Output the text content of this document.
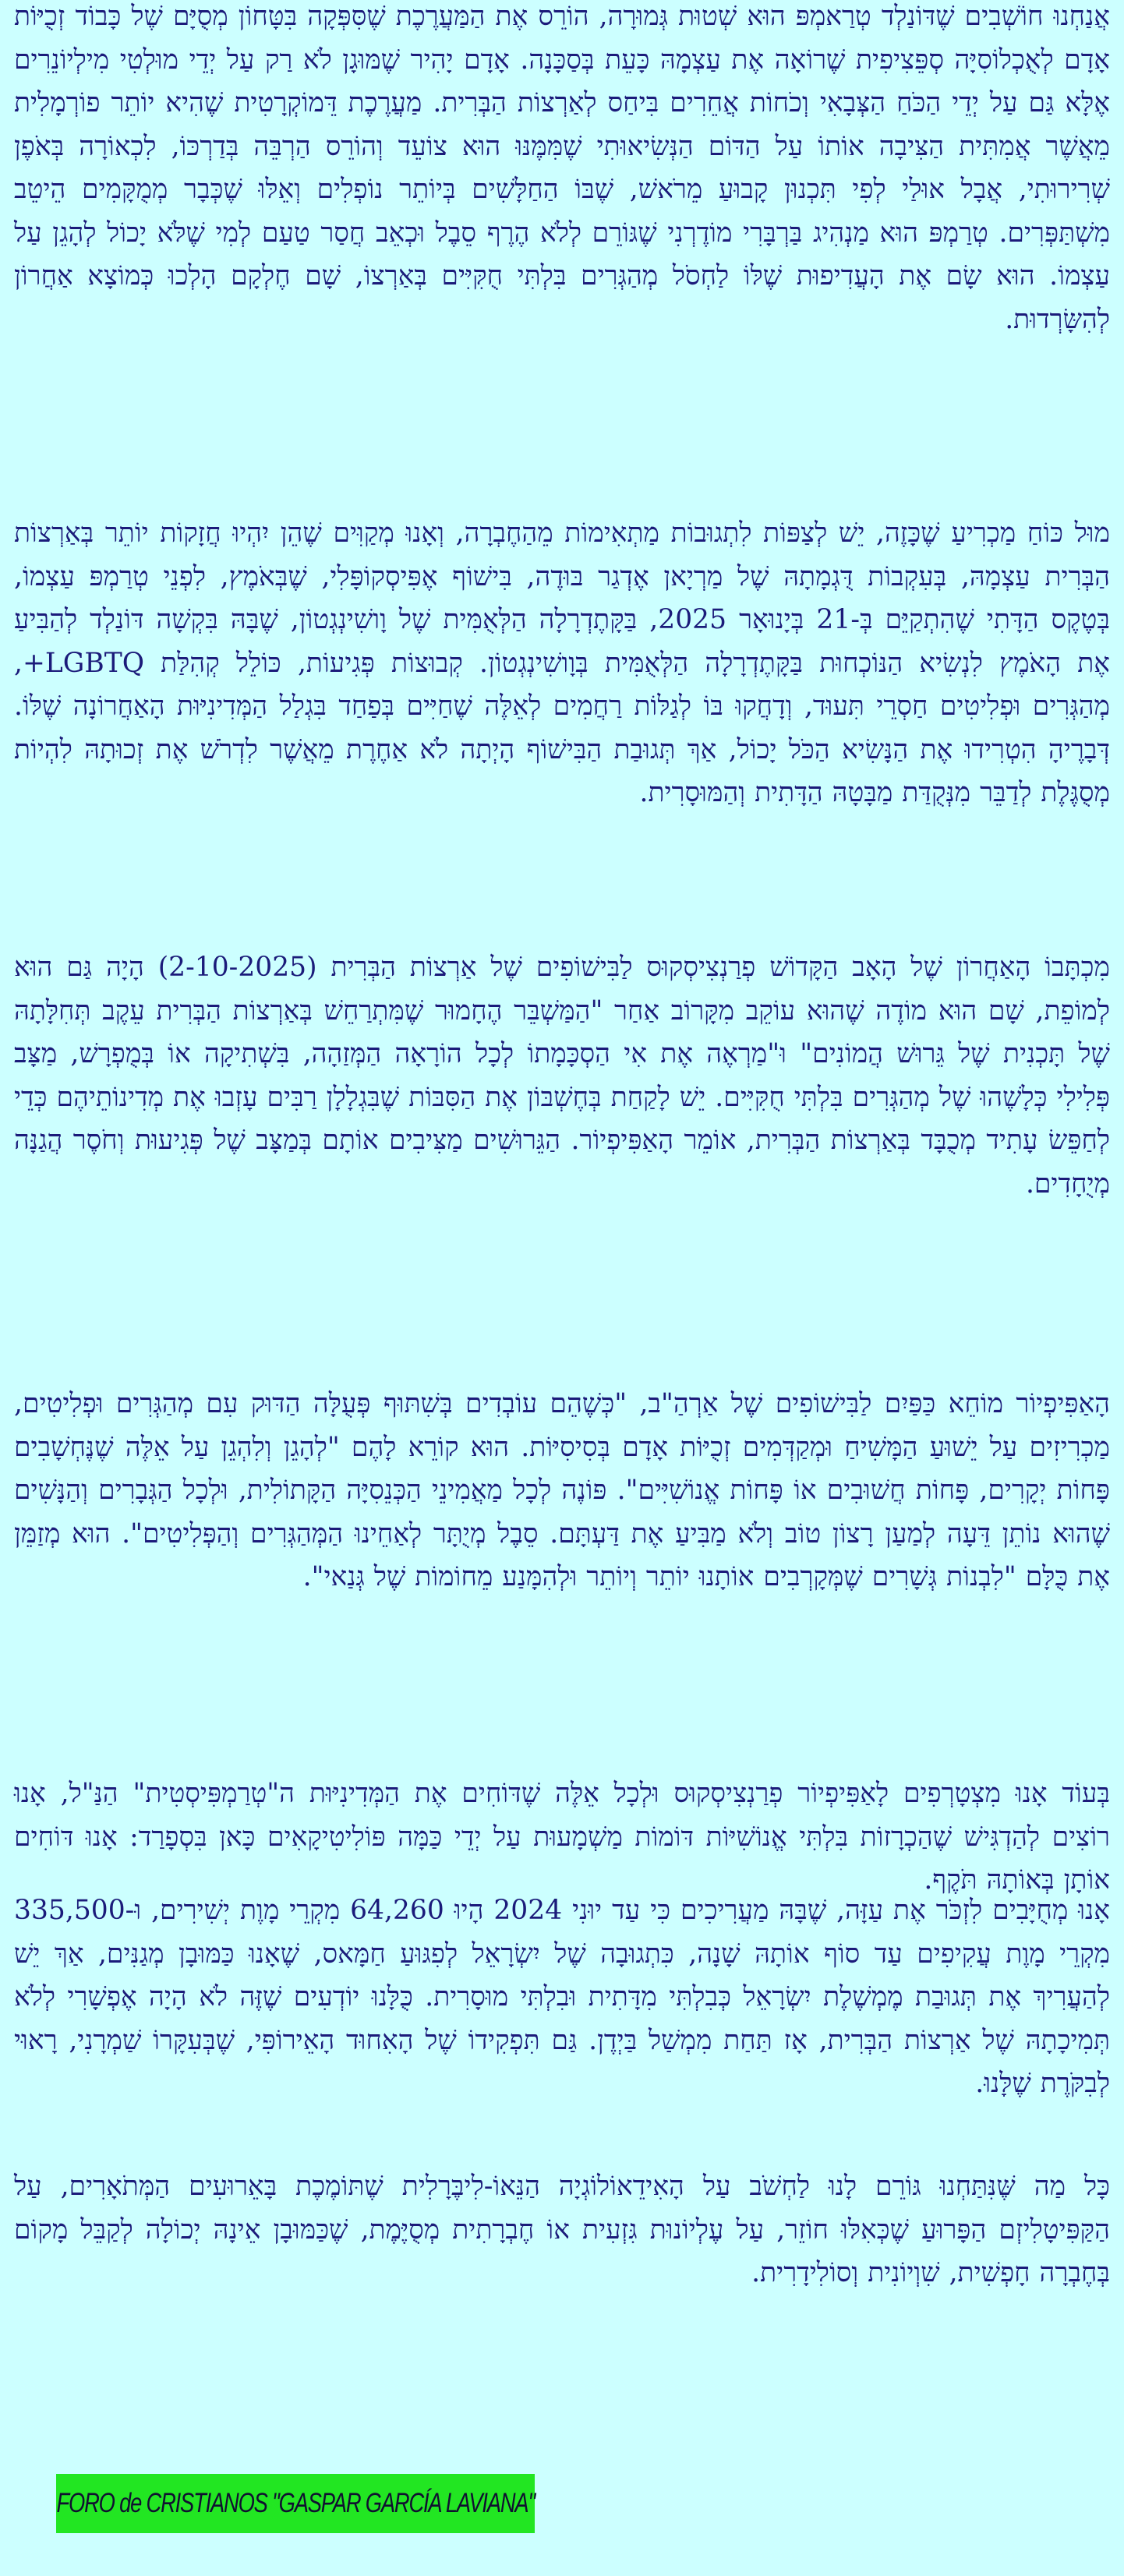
אֲנַחְנוּ חוֹשְׁבִים שֶׁדּוֹנַלְד טְרַאמְפּ הוּא שְׁטוּת גְּמוּרָה, הוֹרֵס אֶת הַמַּעֲרֶכֶת שֶׁסִּפְּקָה בִּטָּחוֹן מְסֻיָּם שֶׁל כָּבוֹד זְכֻיּוֹת אָדָם לְאֻכְלוֹסִיָּה סְפֵּצִיפִית שֶׁרוֹאָה אֶת עַצְמָהּ כָּעֵת בְּסַכָּנָה. אָדָם יָהִיר שֶׁמּוּגָן לֹא רַק עַל יְדֵי מוּלְטִי מִילְיוֹנֵרִים אֶלָּא גַּם עַל יְדֵי הַכֹּחַ הַצְּבָאִי וְכֹחוֹת אֲחֵרִים בִּיחַס לְאַרְצוֹת הַבְּרִית. מַעֲרֶכֶת דֵּמוֹקְרָטִית שֶׁהִיא יוֹתֵר פוֹרְמָלִית מֵאֲשֶׁר אֲמִתִּית הַצִּיבָה אוֹתוֹ עַל הַדּוֹם הַנְּשִׂיאוּתִי שֶׁמִּמֶּנּוּ הוּא צוֹעֵד וְהוֹרֵס הַרְבֵּה בְּדַרְכּוֹ, לִכְאוֹרָה בְּאֹפֶן שְׁרִירוּתִי, אֲבָל אוּלַי לְפִי תִּכְנוּן קָבוּעַ מֵרֹאשׁ, שֶׁבּוֹ הַחַלָּשִׁים בְּיוֹתֵר נוֹפְלִים וְאֵלּוּ שֶׁכְּבָר מְמֻקָּמִים הֵיטֵב מִשְׁתַּפְּרִים. טְרַמְפּ הוּא מַנְהִיג בַּרְבָּרִי מוֹדֶרְנִי שֶׁגּוֹרֵם לְלֹא הֶרֶף סֵבֶל וּכְאֵב חֲסַר טַעַם לְמִי שֶׁלֹּא יָכוֹל לְהָגֵן עַל עַצְמוֹ. הוּא שָׂם אֶת הָעֲדִיפוּת שֶׁלּוֹ לַחְסֹל מְהַגְּרִים בִּלְתִּי חֻקִּיִּים בְּאַרְצוֹ, שָׁם חֶלְקָם הָלְכוּ כְּמוֹצָא אַחֲרוֹן לְהִשָּׂרְדוּת.

מוּל כּוֹחַ מַכְרִיעַ שֶׁכָּזֶה, יֵשׁ לְצַפּוֹת לִתְגוּבוֹת מַתְאִימוֹת מֵהַחֶבְרָה, וְאָנוּ מְקַוִּים שֶׁהֵן יִהְיוּ חֲזָקוֹת יוֹתֵר בְּאַרְצוֹת הַבְּרִית עַצְמָהּ, בְּעִקְבוֹת דֻּגְמָתָהּ שֶׁל מַרְיָאן אֶדְגַר בּוּדֶה, בִּישׁוֹף אֶפִּיסְקוֹפָּלִי, שֶׁבְּאֹמֶץ, לִפְנֵי טְרַמְפּ עַצְמוֹ, בְּטֶקֶס הַדָּתִי שֶׁהִתְקַיֵּם בְּ-21 בְּיָנוּאָר 2025, בַּקָּתֶדְרָלָה הַלְּאֻמִּית שֶׁל וָושִׁינְגְטוֹן, שֶׁבָּהּ בִּקְשָׁה דּוֹנַלְד לְהַבִּיעַ אֶת הָאֹמֶץ לִנְשִׂיא הַנּוֹכְחוּת בַּקָּתֶדְרָלָה הַלְּאֻמִּית בְּוָושִׁינְגְטוֹן. קְבוּצוֹת פְּגִיעוֹת, כּוֹלֵל קְהִלַּת LGBTQ+, מְהַגְּרִים וּפְלִיטִים חַסְרֵי תִּעוּד, וְדָחֲקוּ בּוֹ לְגַלּוֹת רַחֲמִים לְאֵלֶּה שֶׁחַיִּים בְּפַחַד בִּגְלַל הַמְּדִינִיּוּת הָאַחֲרוֹנָה שֶׁלּוֹ. דְּבָרֶיהָ הִטְרִידוּ אֶת הַנָּשִׂיא הַכֹּל יָכוֹל, אַךְ תְּגוּבַת הַבִּישׁוֹף הָיְתָה לֹא אַחֶרֶת מֵאֲשֶׁר לִדְרֹשׁ אֶת זְכוּתָהּ לִהְיוֹת מְסֻגֶּלֶת לְדַבֵּר מִנְּקֻדַּת מַבָּטָהּ הַדָּתִית וְהַמּוּסָרִית.

מִכְתָּבוֹ הָאַחֲרוֹן שֶׁל הָאָב הַקָּדוֹשׁ פְרַנְצִיסְקוּס לַבִּישׁוֹפִים שֶׁל אַרְצוֹת הַבְּרִית (2-10-2025) הָיָה גַּם הוּא לְמוֹפֵת, שָׁם הוּא מוֹדֶה שֶׁהוּא עוֹקֵב מִקָּרוֹב אַחַר "הַמַּשְׁבֵּר הֶחָמוּר שֶׁמִּתְרַחֵשׁ בְּאַרְצוֹת הַבְּרִית עֵקֶב תְּחִלָּתָהּ שֶׁל תָּכְנִית שֶׁל גֵּרוּשׁ הֲמוֹנִים" וּ"מַרְאֶה אֶת אִי הַסְכָּמָתוֹ לְכָל הוֹרָאָה הַמְּזַהָה, בִּשְׁתִיקָה אוֹ בְּמֻפְרָשׁ, מַצָּב פְּלִילִי כְּלָשֶׁהוּ שֶׁל מְהַגְּרִים בִּלְתִּי חֻקִּיִּים. יֵשׁ לָקַחַת בְּחֶשְׁבּוֹן אֶת הַסִּבּוֹת שֶׁבִּגְלָלָן רַבִּים עָזְבוּ אֶת מְדִינוֹתֵיהֶם כְּדֵי לְחַפֵּשׂ עָתִיד מְכֻבָּד בְּאַרְצוֹת הַבְּרִית, אוֹמֵר הָאַפִּיפְיוֹר. הַגֵּרוּשִׁים מַצִּיבִים אוֹתָם בְּמַצָּב שֶׁל פְּגִיעוּת וְחֹסֶר הֲגַנָּה מְיֻחָדִים.

הָאַפִּיפְיוֹר מוֹחֵא כַּפַּיִם לַבִּישׁוֹפִים שֶׁל אַרְהַ"ב, "כְּשֶׁהֵם עוֹבְדִים בְּשִׁתּוּף פְּעֻלָּה הַדּוּק עִם מְהַגְּרִים וּפְלִיטִים, מַכְרִיזִים עַל יֵשׁוּעַ הַמָּשִׁיחַ וּמְקַדְּמִים זְכֻיּוֹת אָדָם בְּסִיסִיּוֹת. הוּא קוֹרֵא לָהֶם "לְהָגֵן וְלִהְגֵן עַל אֵלֶּה שֶׁנֶּחְשָׁבִים פָּחוֹת יְקָרִים, פָּחוֹת חֲשׁוּבִים אוֹ פָּחוֹת אֱנוֹשִׁיִּים". פּוֹנֶה לְכָל מַאֲמִינֵי הַכְּנֵסִיָּה הַקָּתוֹלִית, וּלְכָל הַגְּבָרִים וְהַנָּשִׁים שֶׁהוּא נוֹתֵן דֵּעָה לְמַעַן רָצוֹן טוֹב וְלֹא מַבִּיעַ אֶת דַּעְתָּם. סֵבֶל מְיֻתָּר לְאַחֵינוּ הַמְּהַגְּרִים וְהַפְּלִיטִים". הוּא מְזַמֵּן אֶת כֻּלָּם "לִבְנוֹת גְּשָׁרִים שֶׁמְּקָרְבִים אוֹתָנוּ יוֹתֵר וְיוֹתֵר וּלְהִמָּנַע מֵחוֹמוֹת שֶׁל גְּנַאי".

בְּעוֹד אָנוּ מִצְטָרְפִים לָאַפִּיפְיוֹר פְרַנְצִיסְקוּס וּלְכָל אֵלֶּה שֶׁדּוֹחִים אֶת הַמְּדִינִיּוּת ה"טְרַמְפִּיסְטִית" הַנַּ"ל, אָנוּ רוֹצִים לְהַדְגִּישׁ שֶׁהַכְרָזוֹת בִּלְתִּי אֱנוֹשִׁיּוֹת דּוֹמוֹת מַשְׁמָעוּת עַל יְדֵי כַּמָּה פּוֹלִיטִיקָאִים כָּאן בִּסְפָרַד: אָנוּ דּוֹחִים אוֹתָן בְּאוֹתָהּ תֹּקֶף.

אָנוּ מְחֻיָּבִים לִזְכֹּר אֶת עַזָּה, שֶׁבָּהּ מַעֲרִיכִים כִּי עַד יוּנִי 2024 הָיוּ 64,260 מִקְרֵי מָוֶת יְשִׁירִים, וּ-335,500 מִקְרֵי מָוֶת עֲקִיפִים עַד סוֹף אוֹתָהּ שָׁנָה, כִּתְגוּבָה שֶׁל יִשְׂרָאֵל לְפִגּוּעַ חַמָּאס, שֶׁאָנוּ כַּמּוּבָן מְגַנִּים, אַךְ יֵשׁ לְהַעֲרִיךְ אֶת תְּגוּבַת מֶמְשֶׁלֶת יִשְׂרָאֵל כְּבִלְתִּי מִדָּתִית וּבִלְתִּי מוּסָרִית. כֻּלָּנוּ יוֹדְעִים שֶׁזֶּה לֹא הָיָה אֶפְשָׁרִי לְלֹא תְּמִיכָתָהּ שֶׁל אַרְצוֹת הַבְּרִית, אָז תַּחַת מִמְשַׁל בַּיְדֶן. גַּם תִּפְקִידוֹ שֶׁל הָאִחוּד הָאֵירוֹפִּי, שֶׁבְּעִקָּרוֹ שַׁמְרָנִי, רָאוּי לְבִקֹּרֶת שֶׁלָּנוּ.

כָּל מַה שֶּׁנִּתַּחְנוּ גּוֹרֵם לָנוּ לַחְשֹׁב עַל הָאִידֵאוֹלוֹגְיָה הַנֵּאוֹ-לִיבֶּרָלִית שֶׁתּוֹמֶכֶת בָּאֵרוּעִים הַמְּתֹאָרִים, עַל הַקַּפִּיטָלִיזְם הַפָּרוּעַ שֶׁכְּאִלּוּ חוֹזֵר, עַל עֶלְיוֹנוּת גִּזְעִית אוֹ חֶבְרָתִית מְסֻיֶּמֶת, שֶׁכַּמּוּבָן אֵינָהּ יְכוֹלָה לְקַבֵּל מָקוֹם בְּחֶבְרָה חָפְשִׁית, שִׁוְיוֹנִית וְסוֹלִידָרִית.

FORO de CRISTIANOS "GASPAR GARCÍA LAVIANA"
